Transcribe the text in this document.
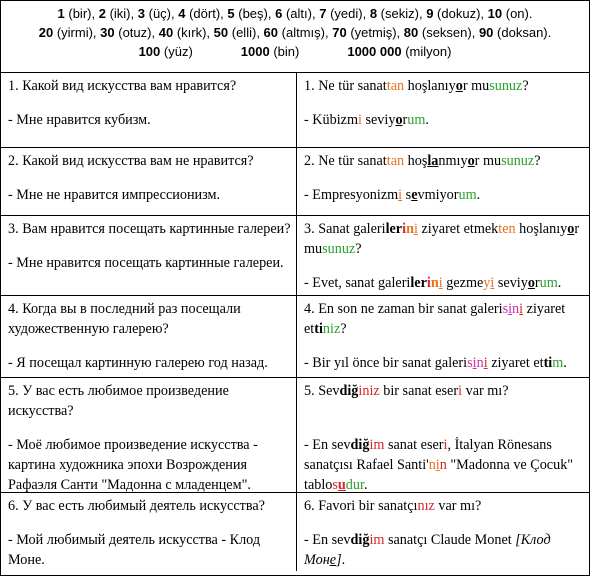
1 (bir), 2 (iki), 3 (üç), 4 (dört), 5 (beş), 6 (altı), 7 (yedi), 8 (sekiz), 9 (dokuz), 10 (on).
20 (yirmi), 30 (otuz), 40 (kırk), 50 (elli), 60 (altmış), 70 (yetmiş), 80 (seksen), 90 (doksan).
100 (yüz)	1000 (bin)	1000 000 (milyon)

1. Какой вид искусства вам нравится?

- Мне нравится кубизм.

1. Ne tür sanattan hoşlanıyor musunuz?

- Kübizmi seviyorum.

2. Какой вид искусства вам не нравится?

- Мне не нравится импрессионизм.

2. Ne tür sanattan hoşlanmıyor musunuz?

- Empresyonizmi sevmiyorum.

3. Вам нравится посещать картинные галереи?

- Мне нравится посещать картинные галереи.

3. Sanat galerilerini ziyaret etmekten hoşlanıyor musunuz?

- Evet, sanat galerilerini gezmeyi seviyorum.

4. Когда вы в последний раз посещали художественную галерею?

- Я посещал картинную галерею год назад.

4. En son ne zaman bir sanat galerisini ziyaret ettiniz?

- Bir yıl önce bir sanat galerisini ziyaret ettim.

5. У вас есть любимое произведение искусства?

- Моё любимое произведение искусства - картина художника эпохи Возрождения Рафаэля Санти "Мадонна с младенцем".

5. Sevdiğiniz bir sanat eseri var mı?

- En sevdiğim sanat eseri, İtalyan Rönesans sanatçısı Rafael Santi'nin "Madonna ve Çocuk" tablosudur.

6. У вас есть любимый деятель искусства?

- Мой любимый деятель искусства - Клод Моне.

6. Favori bir sanatçınız var mı?

- En sevdiğim sanatçı Claude Monet [Клод Моне].
